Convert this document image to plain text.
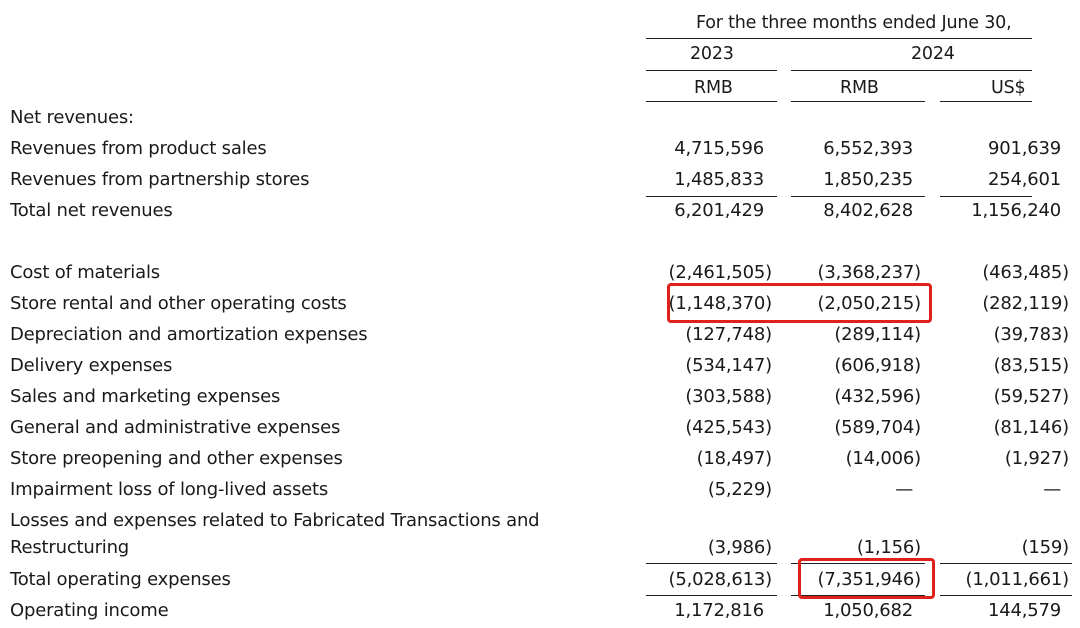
For the three months ended June 30,
2023	2024
RMB	RMB	US$
Net revenues:
Revenues from product sales	4,715,596	6,552,393	901,639
Revenues from partnership stores	1,485,833	1,850,235	254,601
Total net revenues	6,201,429	8,402,628	1,156,240
Cost of materials	(2,461,505)	(3,368,237)	(463,485)
Store rental and other operating costs	(1,148,370)	(2,050,215)	(282,119)
Depreciation and amortization expenses	(127,748)	(289,114)	(39,783)
Delivery expenses	(534,147)	(606,918)	(83,515)
Sales and marketing expenses	(303,588)	(432,596)	(59,527)
General and administrative expenses	(425,543)	(589,704)	(81,146)
Store preopening and other expenses	(18,497)	(14,006)	(1,927)
Impairment loss of long-lived assets	(5,229)	—	—
Losses and expenses related to Fabricated Transactions and
Restructuring	(3,986)	(1,156)	(159)
Total operating expenses	(5,028,613)	(7,351,946) (1,011,661)
Operating income	1,172,816	1,050,682	144,579
